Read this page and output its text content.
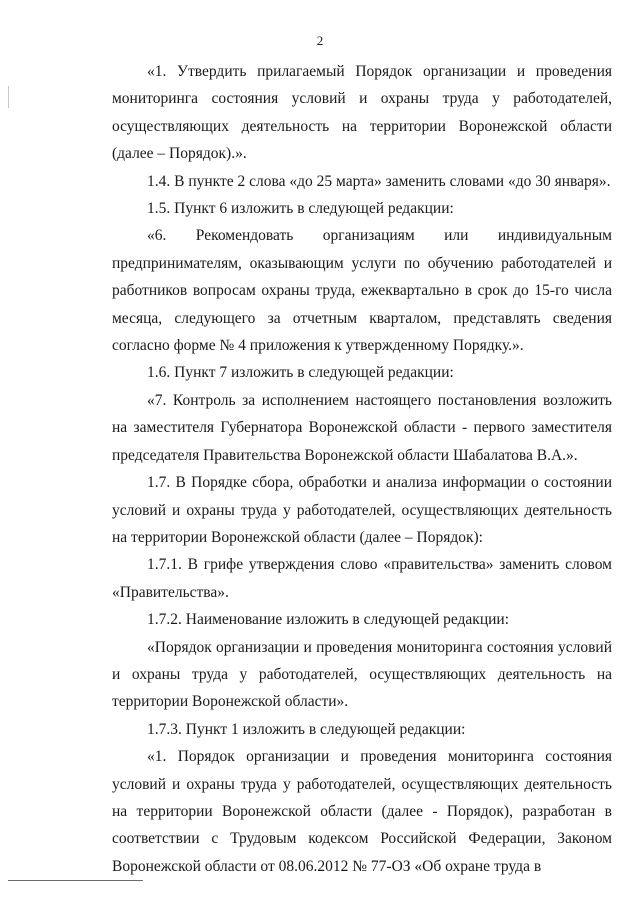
2

«1. Утвердить прилагаемый Порядок организации и проведения мониторинга состояния условий и охраны труда у работодателей, осуществляющих деятельность на территории Воронежской области (далее – Порядок).».

1.4. В пункте 2 слова «до 25 марта» заменить словами «до 30 января».

1.5. Пункт 6 изложить в следующей редакции:

«6. Рекомендовать организациям или индивидуальным предпринимателям, оказывающим услуги по обучению работодателей и работников вопросам охраны труда, ежеквартально в срок до 15-го числа месяца, следующего за отчетным кварталом, представлять сведения согласно форме № 4 приложения к утвержденному Порядку.».

1.6. Пункт 7 изложить в следующей редакции:

«7. Контроль за исполнением настоящего постановления возложить на заместителя Губернатора Воронежской области - первого заместителя председателя Правительства Воронежской области Шабалатова В.А.».

1.7. В Порядке сбора, обработки и анализа информации о состоянии условий и охраны труда у работодателей, осуществляющих деятельность на территории Воронежской области (далее – Порядок):

1.7.1. В грифе утверждения слово «правительства» заменить словом «Правительства».

1.7.2. Наименование изложить в следующей редакции:

«Порядок организации и проведения мониторинга состояния условий и охраны труда у работодателей, осуществляющих деятельность на территории Воронежской области».

1.7.3. Пункт 1 изложить в следующей редакции:

«1. Порядок организации и проведения мониторинга состояния условий и охраны труда у работодателей, осуществляющих деятельность на территории Воронежской области (далее - Порядок), разработан в соответствии с Трудовым кодексом Российской Федерации, Законом Воронежской области от 08.06.2012 № 77-ОЗ «Об охране труда в
